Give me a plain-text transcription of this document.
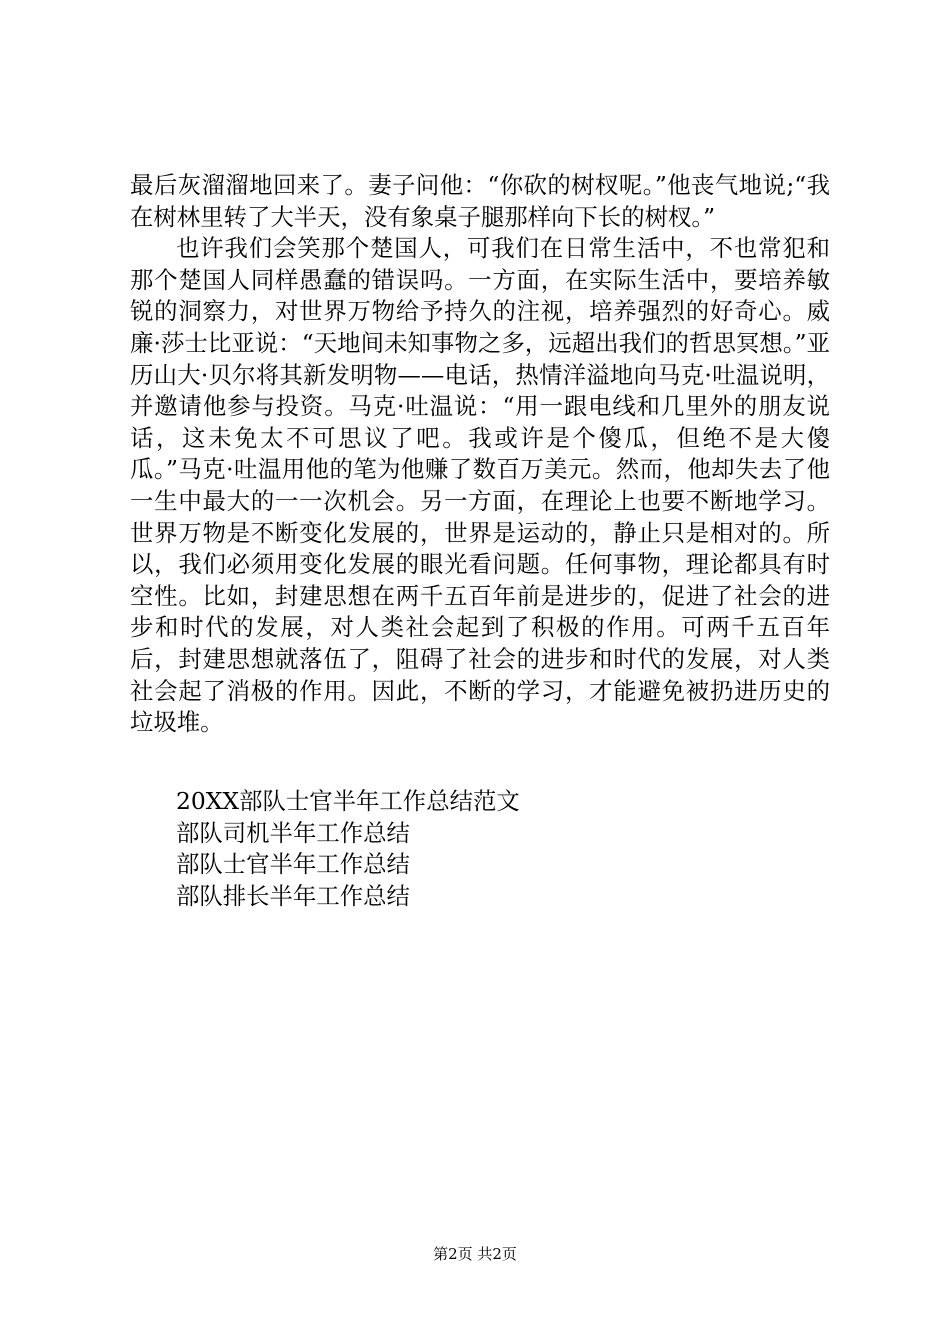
最后灰溜溜地回来了。妻子问他：“你砍的树杈呢。”他丧气地说;“我在树林里转了大半天，没有象桌子腿那样向下长的树杈。”

也许我们会笑那个楚国人，可我们在日常生活中，不也常犯和那个楚国人同样愚蠢的错误吗。一方面，在实际生活中，要培养敏锐的洞察力，对世界万物给予持久的注视，培养强烈的好奇心。威廉·莎士比亚说：“天地间未知事物之多，远超出我们的哲思冥想。”亚历山大·贝尔将其新发明物——电话，热情洋溢地向马克·吐温说明，并邀请他参与投资。马克·吐温说：“用一跟电线和几里外的朋友说话，这未免太不可思议了吧。我或许是个傻瓜，但绝不是大傻瓜。”马克·吐温用他的笔为他赚了数百万美元。然而，他却失去了他一生中最大的一一次机会。另一方面，在理论上也要不断地学习。世界万物是不断变化发展的，世界是运动的，静止只是相对的。所以，我们必须用变化发展的眼光看问题。任何事物，理论都具有时空性。比如，封建思想在两千五百年前是进步的，促进了社会的进步和时代的发展，对人类社会起到了积极的作用。可两千五百年后，封建思想就落伍了，阻碍了社会的进步和时代的发展，对人类社会起了消极的作用。因此，不断的学习，才能避免被扔进历史的垃圾堆。

20XX部队士官半年工作总结范文
部队司机半年工作总结
部队士官半年工作总结
部队排长半年工作总结
第2页 共2页
